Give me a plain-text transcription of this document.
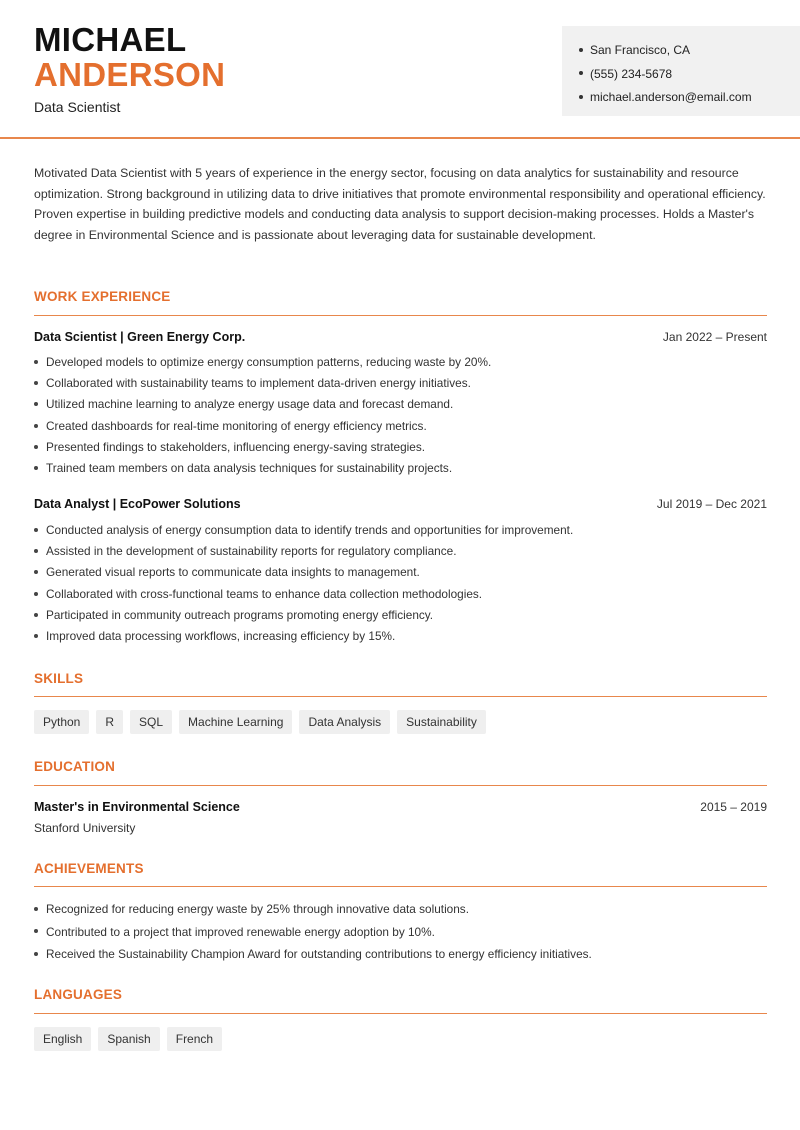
MICHAEL
ANDERSON
Data Scientist
San Francisco, CA
(555) 234-5678
michael.anderson@email.com
Motivated Data Scientist with 5 years of experience in the energy sector, focusing on data analytics for sustainability and resource optimization. Strong background in utilizing data to drive initiatives that promote environmental responsibility and operational efficiency. Proven expertise in building predictive models and conducting data analysis to support decision-making processes. Holds a Master's degree in Environmental Science and is passionate about leveraging data for sustainable development.
WORK EXPERIENCE
Data Scientist | Green Energy Corp.	Jan 2022 – Present
Developed models to optimize energy consumption patterns, reducing waste by 20%.
Collaborated with sustainability teams to implement data-driven energy initiatives.
Utilized machine learning to analyze energy usage data and forecast demand.
Created dashboards for real-time monitoring of energy efficiency metrics.
Presented findings to stakeholders, influencing energy-saving strategies.
Trained team members on data analysis techniques for sustainability projects.
Data Analyst | EcoPower Solutions	Jul 2019 – Dec 2021
Conducted analysis of energy consumption data to identify trends and opportunities for improvement.
Assisted in the development of sustainability reports for regulatory compliance.
Generated visual reports to communicate data insights to management.
Collaborated with cross-functional teams to enhance data collection methodologies.
Participated in community outreach programs promoting energy efficiency.
Improved data processing workflows, increasing efficiency by 15%.
SKILLS
Python	R	SQL	Machine Learning	Data Analysis	Sustainability
EDUCATION
Master's in Environmental Science	2015 – 2019
Stanford University
ACHIEVEMENTS
Recognized for reducing energy waste by 25% through innovative data solutions.
Contributed to a project that improved renewable energy adoption by 10%.
Received the Sustainability Champion Award for outstanding contributions to energy efficiency initiatives.
LANGUAGES
English	Spanish	French
